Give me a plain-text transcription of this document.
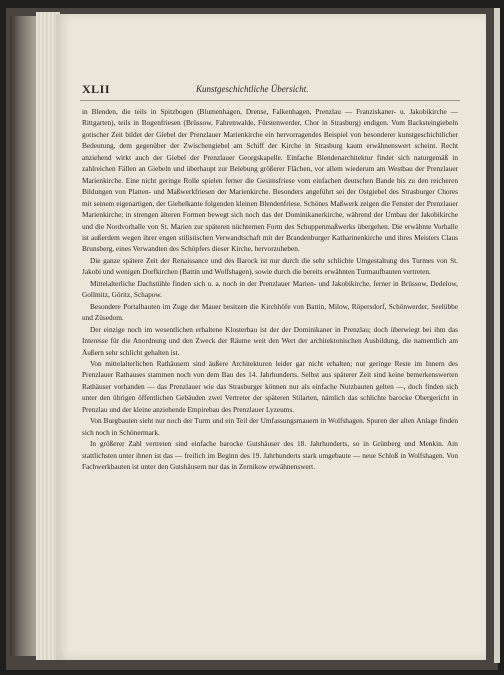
XLII	Kunstgeschichtliche Übersicht.

in Blenden, die teils in Spitzbogen (Blumenhagen, Drense, Falkenhagen, Prenzlau — Franziskaner- u. Jakobikirche — Rittgarten), teils in Bogenfriesen (Brüssow, Fahrenwalde, Fürstenwerder, Chor in Strasburg) endigen. Vom Backsteingiebeln gotischer Zeit bildet der Giebel der Prenzlauer Marienkirche ein hervorragendes Beispiel von besonderer kunstgeschichtlicher Bedeutung, dem gegenüber der Zwischengiebel am Schiff der Kirche in Strasburg kaum erwähnenswert scheint. Recht anziehend wirkt auch der Giebel der Prenzlauer Georgskapelle. Einfache Blendenarchitektur findet sich naturgemäß in zahlreichen Fällen an Giebeln und überhaupt zur Belebung größerer Flächen, vor allem wiederum am Westbau der Prenzlauer Marienkirche. Eine nicht geringe Rolle spielen ferner die Gesimsfriese vom einfachen deutschen Bande bis zu den reicheren Bildungen von Platten- und Maßwerkfriesen der Marienkirche. Besonders angeführt sei der Ostgiebel des Strasburger Chores mit seinem eigenartigen, der Giebelkante folgenden kleinen Blendenfriese. Schönes Maßwerk zeigen die Fenster der Prenzlauer Marienkirche; in strengen älteren Formen bewegt sich noch das der Dominikanerkirche, während der Umbau der Jakobikirche und die Nordvorhalle von St. Marien zur späteren nüchternen Form des Schuppenmaßwerks übergehen. Die erwähnte Vorhalle ist außerdem wegen ihrer engen stilistischen Verwandtschaft mit der Brandenburger Katharinenkirche und ihres Meisters Claus Brunsberg, eines Verwandten des Schöpfers dieser Kirche, hervorzuheben.

Die ganze spätere Zeit der Renaissance und des Barock ist nur durch die sehr schlichte Umgestaltung des Turmes von St. Jakobi und wenigen Dorfkirchen (Battin und Wolfshagen), sowie durch die bereits erwähnten Turmaufbauten vertreten.

Mittelalterliche Dachstühle finden sich u. a. noch in der Prenzlauer Marien- und Jakobikirche, ferner in Brüssow, Dedelow, Gollmitz, Göritz, Schapow.

Besondere Portalbauten im Zuge der Mauer besitzen die Kirchhöfe von Battin, Milow, Röpersdorf, Schönwerder, Seelübbe und Züsedom.

Der einzige noch im wesentlichen erhaltene Klosterbau ist der der Dominikaner in Prenzlau; doch überwiegt bei ihm das Interesse für die Anordnung und den Zweck der Räume weit den Wert der architektonischen Ausbildung, die namentlich am Äußern sehr schlicht gehalten ist.

Von mittelalterlichen Rathäusern sind äußere Architekturen leider gar nicht erhalten; nur geringe Reste im Innern des Prenzlauer Rathauses stammen noch von dem Bau des 14. Jahrhunderts. Selbst aus späterer Zeit sind keine bemerkenswerten Rathäuser vorhanden — das Prenzlauer wie das Strasburger können nur als einfache Nutzbauten gelten —, doch finden sich unter den übrigen öffentlichen Gebäuden zwei Vertreter der späteren Stilarten, nämlich das schlichte barocke Obergericht in Prenzlau und der kleine anziehende Empirebau des Prenzlauer Lyzeums.

Von Burgbauten sieht nur noch der Turm und ein Teil der Umfassungsmauern in Wolfshagen. Spuren der alten Anlage finden sich noch in Schönermark.

In größerer Zahl vertreten sind einfache barocke Gutshäuser des 18. Jahrhunderts, so in Grünberg und Menkin. Am stattlichsten unter ihnen ist das — freilich im Beginn des 19. Jahrhunderts stark umgebaute — neue Schloß in Wolfshagen. Von Fachwerkbauten ist unter den Gutshäusern nur das in Zernikow erwähnenswert.
